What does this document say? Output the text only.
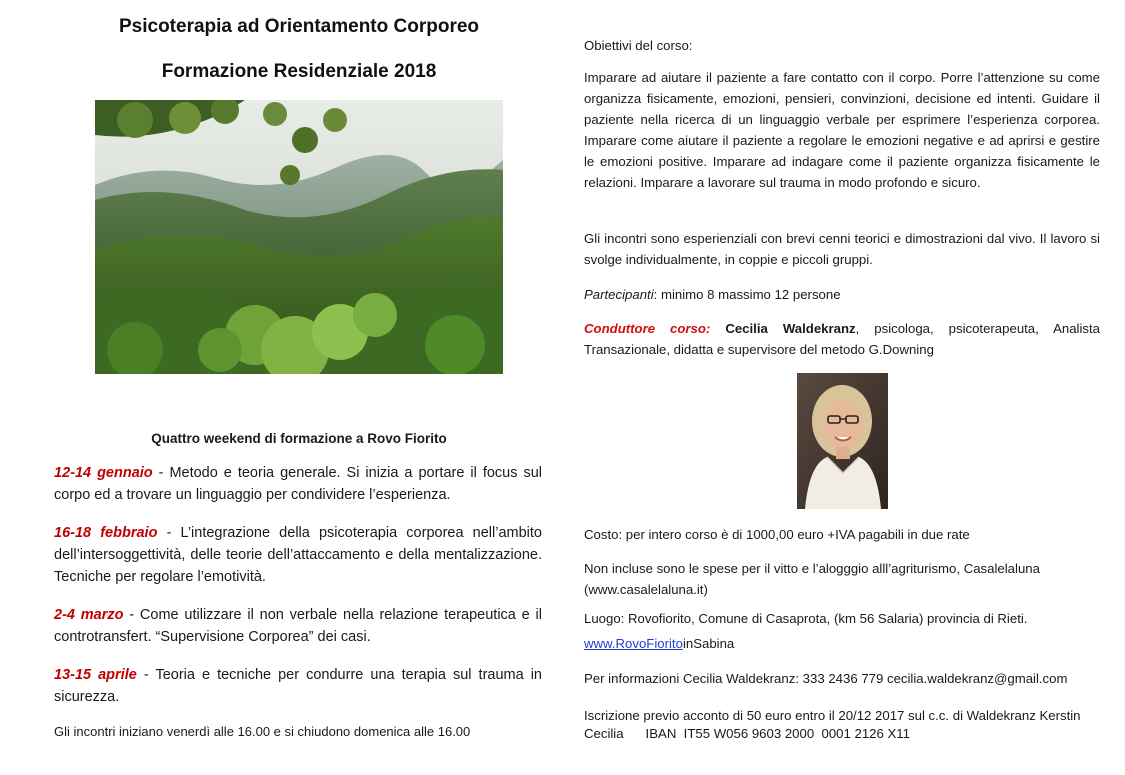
Psicoterapia ad Orientamento Corporeo
Formazione Residenziale 2018
Quattro weekend di formazione a Rovo Fiorito
12-14 gennaio - Metodo e teoria generale. Si inizia a portare il focus sul corpo ed a trovare un linguaggio per condividere l’esperienza.
16-18 febbraio - L’integrazione della psicoterapia corporea nell’ambito dell’intersoggettività, delle teorie dell’attaccamento e della mentalizzazione. Tecniche per regolare l’emotività.
2-4 marzo - Come utilizzare il non verbale nella relazione terapeutica e il controtransfert. “Supervisione Corporea” dei casi.
13-15 aprile - Teoria e tecniche per condurre una terapia sul trauma in sicurezza.
Gli incontri iniziano venerdì alle 16.00 e si chiudono domenica alle 16.00
Obiettivi del corso:
Imparare ad aiutare il paziente a fare contatto con il corpo. Porre l’attenzione su come organizza fisicamente, emozioni, pensieri, convinzioni, decisione ed intenti. Guidare il paziente nella ricerca di un linguaggio verbale per esprimere l’esperienza corporea. Imparare come aiutare il paziente a regolare le emozioni negative e ad aprirsi e gestire le emozioni positive. Imparare ad indagare come il paziente organizza fisicamente le relazioni. Imparare a lavorare sul trauma in modo profondo e sicuro.
Gli incontri sono esperienziali con brevi cenni teorici e dimostrazioni dal vivo. Il lavoro si svolge individualmente, in coppie e piccoli gruppi.
Partecipanti: minimo 8 massimo 12 persone
Conduttore corso: Cecilia Waldekranz, psicologa, psicoterapeuta, Analista Transazionale, didatta e supervisore del metodo G.Downing
Costo: per intero corso è di 1000,00 euro +IVA pagabili in due rate
Non incluse sono le spese per il vitto e l’alogggio alll’agriturismo, Casalelaluna
(www.casalelaluna.it)
Luogo: Rovofiorito, Comune di Casaprota, (km 56 Salaria) provincia di Rieti.
www.RovoFioritoinSabina
Per informazioni Cecilia Waldekranz: 333 2436 779 cecilia.waldekranz@gmail.com
Iscrizione previo acconto di 50 euro entro il 20/12 2017 sul c.c. di Waldekranz Kerstin
Cecilia      IBAN  IT55 W056 9603 2000  0001 2126 X11
